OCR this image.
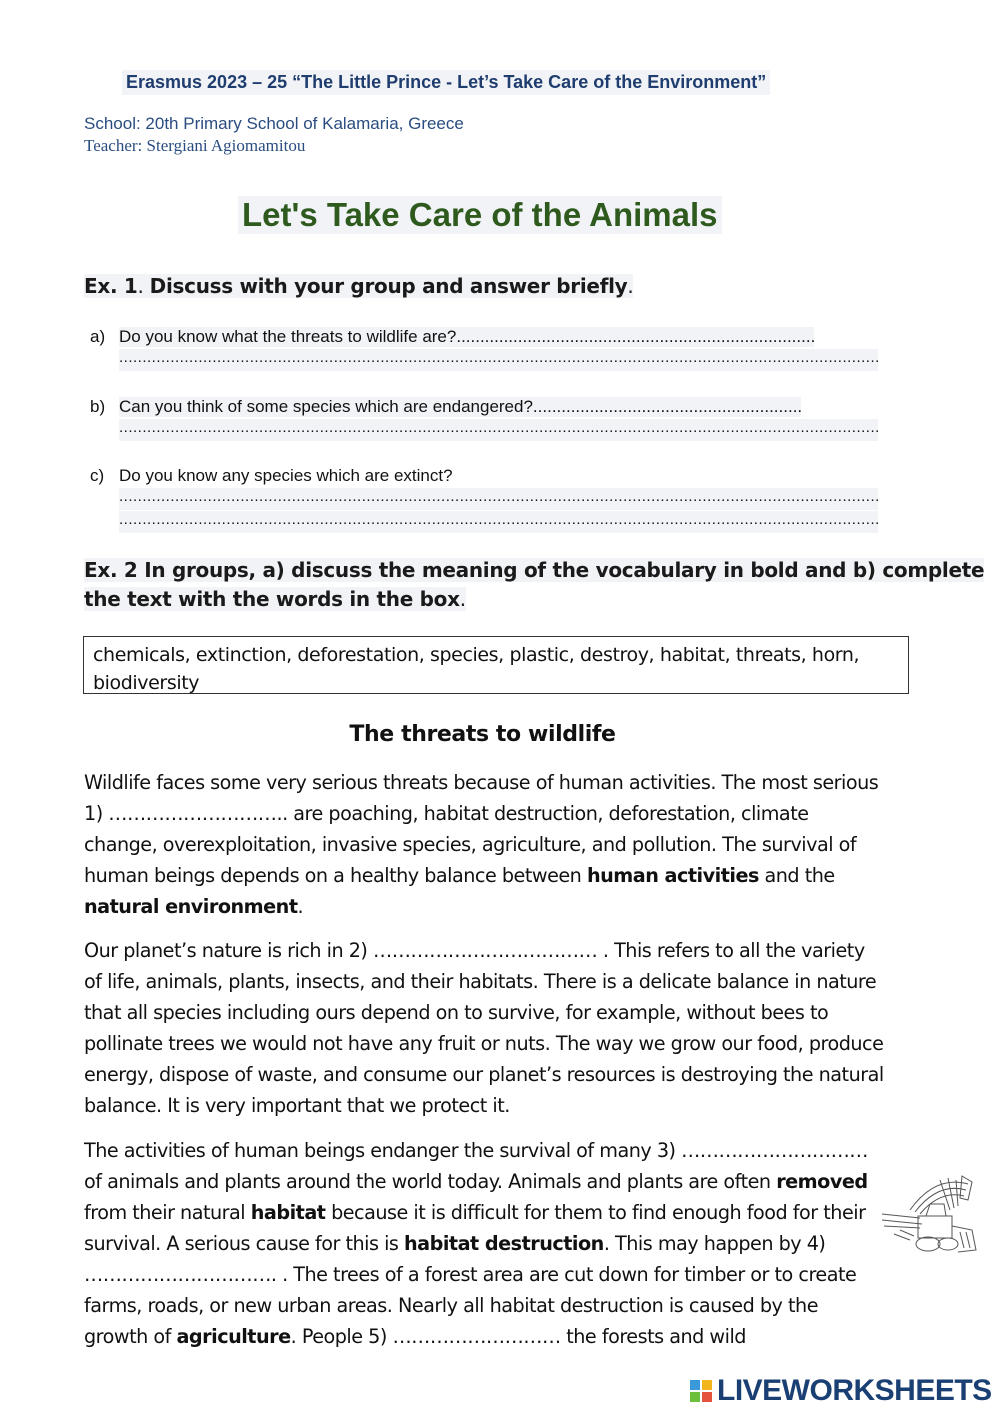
Erasmus 2023 – 25 “The Little Prince - Let’s Take Care of the Environment”
School: 20th Primary School of Kalamaria, Greece
Teacher: Stergiani Agiomamitou
Let's Take Care of the Animals
Ex. 1. Discuss with your group and answer briefly.
a) Do you know what the threats to wildlife are?.....
.....
b) Can you think of some species which are endangered?.....
.....
c) Do you know any species which are extinct?
.....
.....
Ex. 2 In groups, a) discuss the meaning of the vocabulary in bold and b) complete
the text with the words in the box.
chemicals, extinction, deforestation, species, plastic, destroy, habitat, threats, horn, biodiversity
The threats to wildlife
Wildlife faces some very serious threats because of human activities. The most serious 1) ……………………….. are poaching, habitat destruction, deforestation, climate change, overexploitation, invasive species, agriculture, and pollution. The survival of human beings depends on a healthy balance between human activities and the natural environment.
Our planet’s nature is rich in 2) ……………………………… . This refers to all the variety of life, animals, plants, insects, and their habitats. There is a delicate balance in nature that all species including ours depend on to survive, for example, without bees to pollinate trees we would not have any fruit or nuts. The way we grow our food, produce energy, dispose of waste, and consume our planet’s resources is destroying the natural balance. It is very important that we protect it.
The activities of human beings endanger the survival of many 3) ………………………… of animals and plants around the world today. Animals and plants are often removed from their natural habitat because it is difficult for them to find enough food for their survival. A serious cause for this is habitat destruction. This may happen by 4) …………………………. . The trees of a forest area are cut down for timber or to create farms, roads, or new urban areas. Nearly all habitat destruction is caused by the growth of agriculture. People 5) ……………………… the forests and wild
LIVEWORKSHEETS
